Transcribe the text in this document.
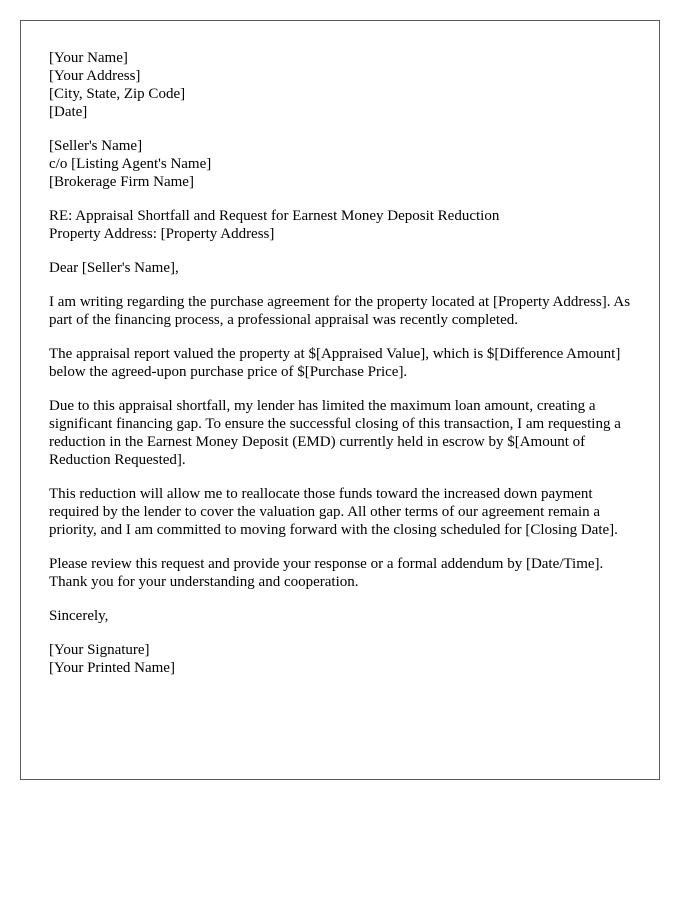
[Your Name]
[Your Address]
[City, State, Zip Code]
[Date]
[Seller's Name]
c/o [Listing Agent's Name]
[Brokerage Firm Name]
RE: Appraisal Shortfall and Request for Earnest Money Deposit Reduction
Property Address: [Property Address]

Dear [Seller's Name],

I am writing regarding the purchase agreement for the property located at [Property Address]. As part of the financing process, a professional appraisal was recently completed.

The appraisal report valued the property at $[Appraised Value], which is $[Difference Amount] below the agreed-upon purchase price of $[Purchase Price].

Due to this appraisal shortfall, my lender has limited the maximum loan amount, creating a significant financing gap. To ensure the successful closing of this transaction, I am requesting a reduction in the Earnest Money Deposit (EMD) currently held in escrow by $[Amount of Reduction Requested].

This reduction will allow me to reallocate those funds toward the increased down payment required by the lender to cover the valuation gap. All other terms of our agreement remain a priority, and I am committed to moving forward with the closing scheduled for [Closing Date].

Please review this request and provide your response or a formal addendum by [Date/Time]. Thank you for your understanding and cooperation.

Sincerely,

[Your Signature]
[Your Printed Name]
